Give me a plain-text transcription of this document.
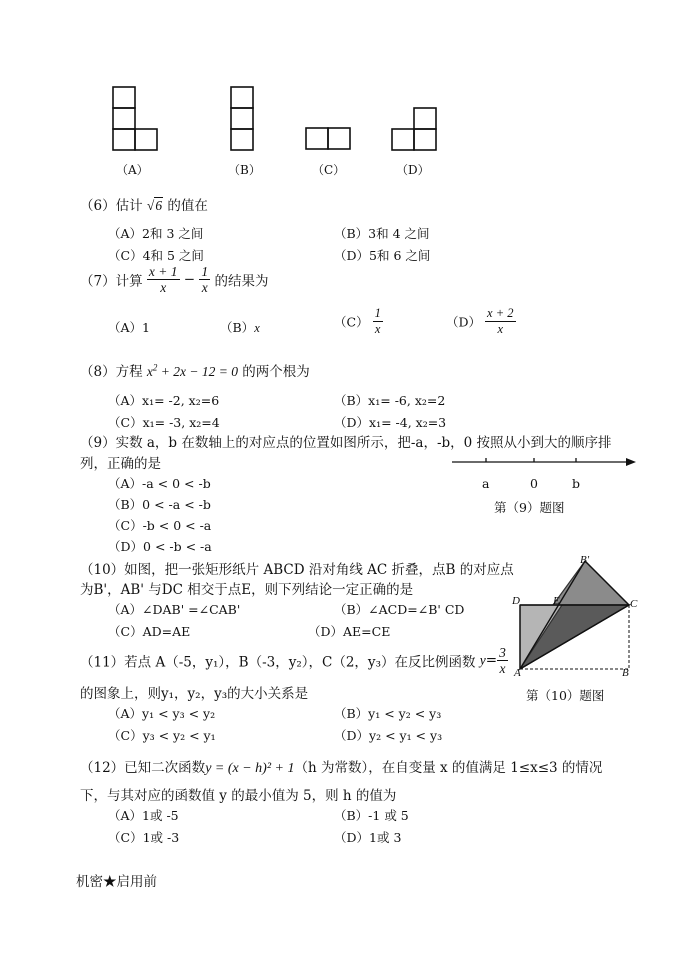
（A）	（B）	（C）	（D）
（6）估计 √6 的值在
（A）2和 3 之间	（B）3和 4 之间
（C）4和 5 之间	（D）5和 6 之间
（7）计算 $\frac{x + 1}{x} - \frac{1}{x}$ 的结果为
（A）1	（B）x	$(C) \frac{1}{x}$	$(D) \frac{x + 2}{x}$
（8）方程 $x^2 + 2x - 12 = 0$ 的两个根为
（A）x₁= -2, x₂=6	（B）x₁= -6, x₂=2
（C）x₁= -3, x₂=4	（D）x₁= -4, x₂=3
（9）实数 a，b 在数轴上的对应点的位置如图所示，把-a，-b，0 按照从小到大的顺序排
列，正确的是
（A）-a < 0 < -b
（B）0 < -a < -b
（C）-b < 0 < -a
（D）0 < -b < -a
a	0	b
第（9）题图
（10）如图，把一张矩形纸片 ABCD 沿对角线 AC 折叠，点B 的对应点
为B'，AB' 与DC 相交于点E，则下列结论一定正确的是
（A）∠DAB' =∠CAB'	（B）∠ACD=∠B' CD
（C）AD=AE	（D）AE=CE
B'
D	E	C
A	B
第（10）题图
（11）若点 A（-5，y₁），B（-3，y₂），C（2，y₃）在反比例函数 $y= \frac{3}{x}$
的图象上，则y₁，y₂，y₃的大小关系是
（A）y₁ < y₃ < y₂	（B）y₁ < y₂ < y₃
（C）y₃ < y₂ < y₁	（D）y₂ < y₁ < y₃
（12）已知二次函数y = (x − h)² + 1（h 为常数），在自变量 x 的值满足 1≤x≤3 的情况
下，与其对应的函数值 y 的最小值为 5，则 h 的值为
（A）1或 -5	（B）-1 或 5
（C）1或 -3	（D）1或 3
机密★启用前
